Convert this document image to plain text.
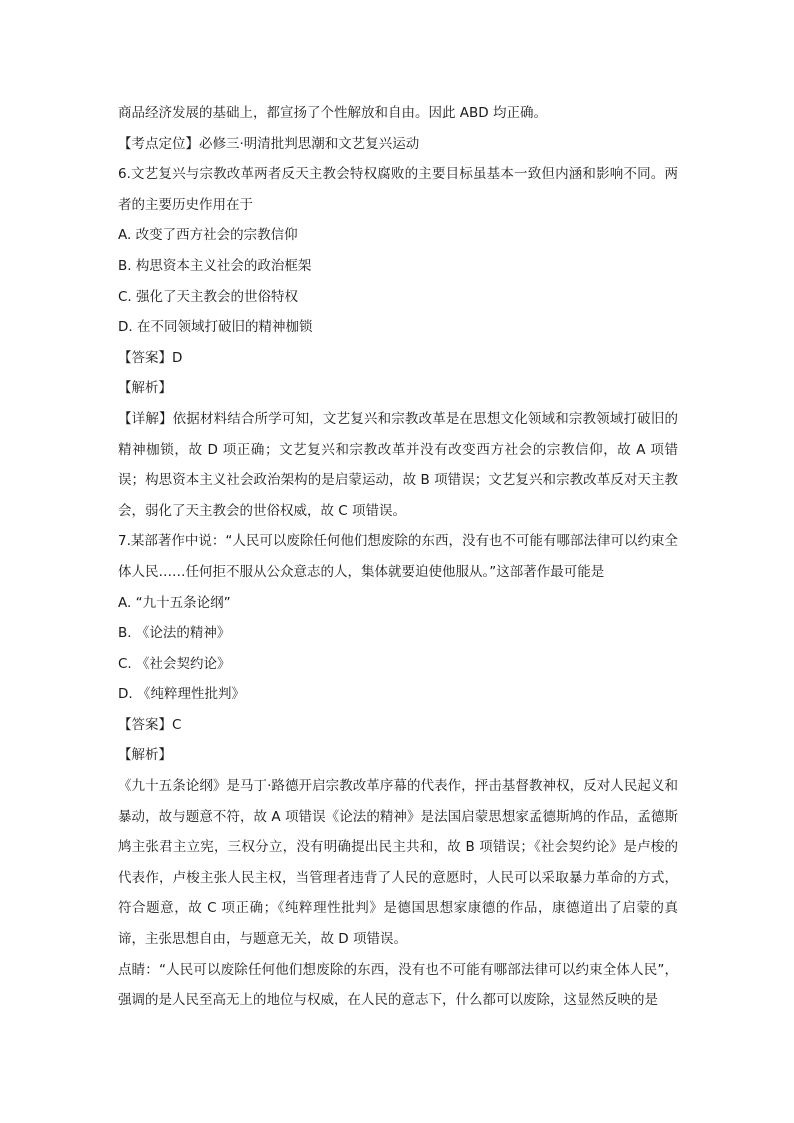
商品经济发展的基础上，都宣扬了个性解放和自由。因此 ABD 均正确。
【考点定位】必修三·明清批判思潮和文艺复兴运动
6.文艺复兴与宗教改革两者反天主教会特权腐败的主要目标虽基本一致但内涵和影响不同。两者的主要历史作用在于
A. 改变了西方社会的宗教信仰
B. 构思资本主义社会的政治框架
C. 强化了天主教会的世俗特权
D. 在不同领域打破旧的精神枷锁
【答案】D
【解析】
【详解】依据材料结合所学可知，文艺复兴和宗教改革是在思想文化领域和宗教领域打破旧的精神枷锁，故 D 项正确；文艺复兴和宗教改革并没有改变西方社会的宗教信仰，故 A 项错误；构思资本主义社会政治架构的是启蒙运动，故 B 项错误；文艺复兴和宗教改革反对天主教会，弱化了天主教会的世俗权威，故 C 项错误。
7.某部著作中说：“人民可以废除任何他们想废除的东西，没有也不可能有哪部法律可以约束全体人民……任何拒不服从公众意志的人，集体就要迫使他服从。”这部著作最可能是
A. “九十五条论纲”
B. 《论法的精神》
C. 《社会契约论》
D. 《纯粹理性批判》
【答案】C
【解析】
《九十五条论纲》是马丁·路德开启宗教改革序幕的代表作，抨击基督教神权，反对人民起义和暴动，故与题意不符，故 A 项错误《论法的精神》是法国启蒙思想家孟德斯鸠的作品，孟德斯鸠主张君主立宪，三权分立，没有明确提出民主共和，故 B 项错误；《社会契约论》是卢梭的代表作，卢梭主张人民主权，当管理者违背了人民的意愿时，人民可以采取暴力革命的方式，符合题意，故 C 项正确；《纯粹理性批判》是德国思想家康德的作品，康德道出了启蒙的真谛，主张思想自由，与题意无关，故 D 项错误。
点睛：“人民可以废除任何他们想废除的东西，没有也不可能有哪部法律可以约束全体人民”，强调的是人民至高无上的地位与权威，在人民的意志下，什么都可以废除，这显然反映的是
